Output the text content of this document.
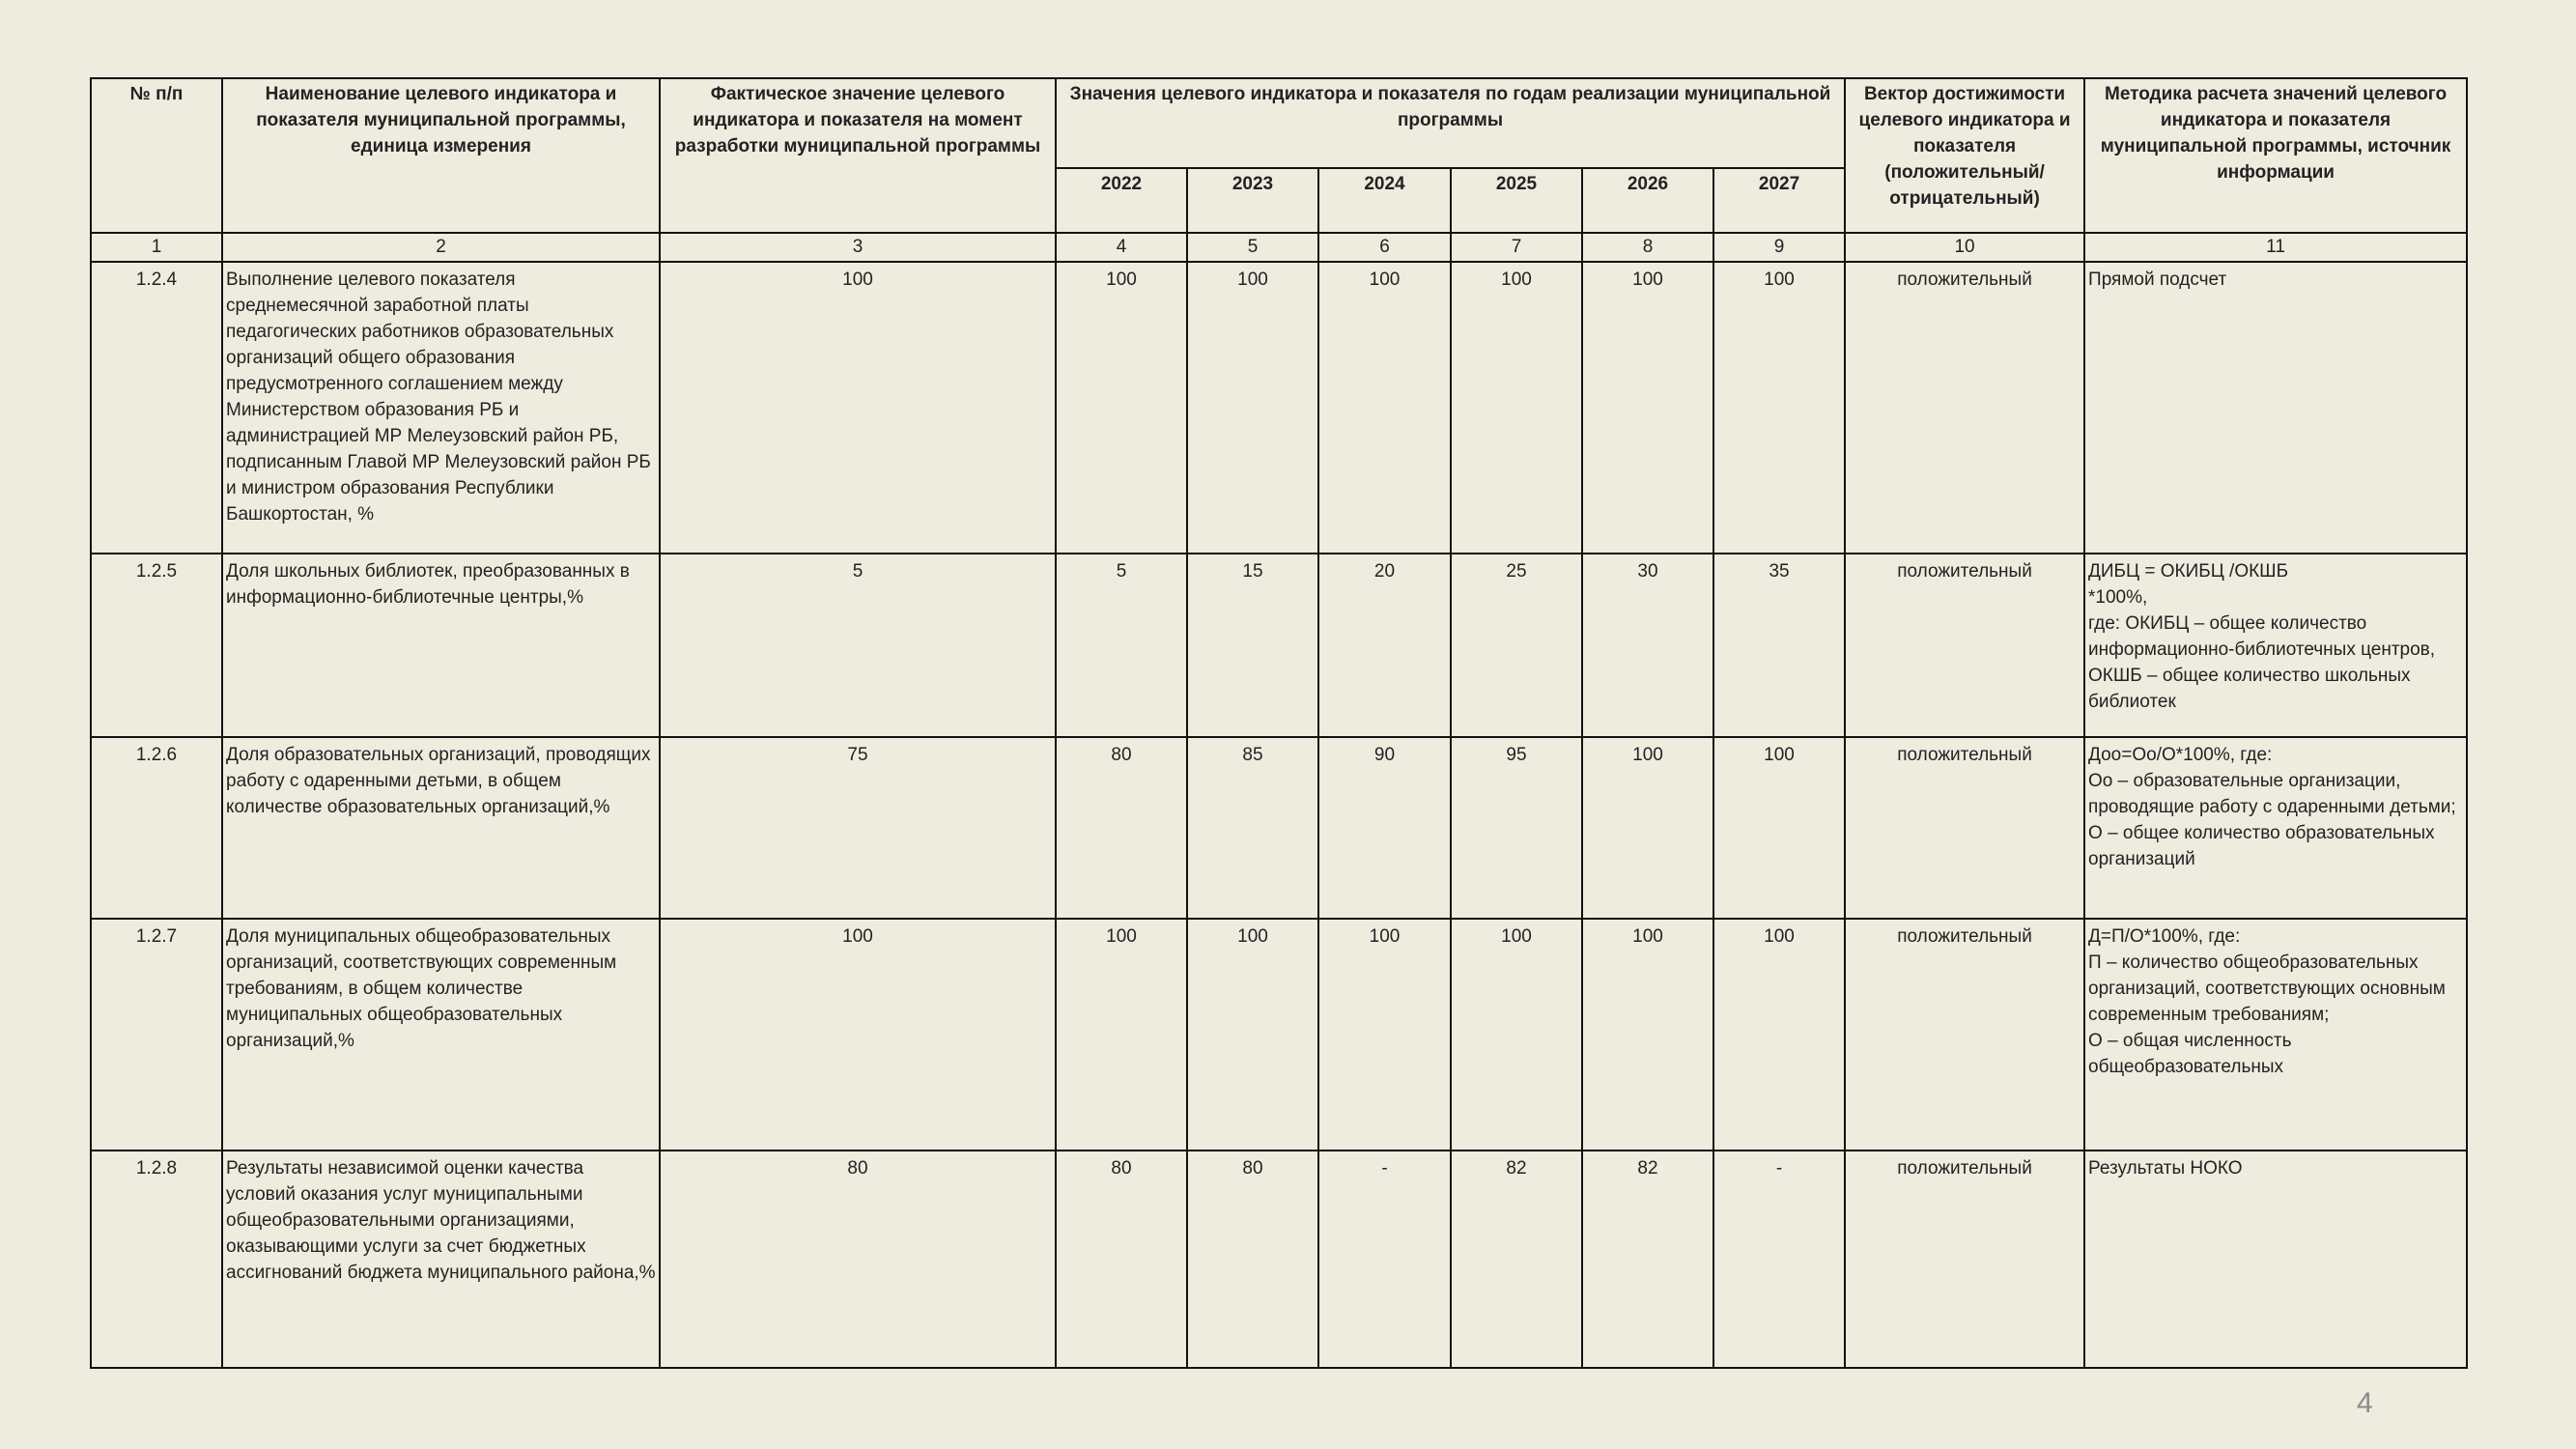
№ п/п	Наименование целевого индикатора и показателя муниципальной программы, единица измерения	Фактическое значение целевого индикатора и показателя на момент разработки муниципальной программы	Значения целевого индикатора и показателя по годам реализации муниципальной программы						Вектор достижимости целевого индикатора и показателя (положительный/отрицательный)	Методика расчета значений целевого индикатора и показателя муниципальной программы, источник информации
			2022	2023	2024	2025	2026	2027		
1	2	3	4	5	6	7	8	9	10	11
1.2.4	Выполнение целевого показателя среднемесячной заработной платы педагогических работников образовательных организаций общего образования предусмотренного соглашением между Министерством образования РБ и администрацией МР Мелеузовский район РБ, подписанным Главой МР Мелеузовский район РБ и министром образования Республики Башкортостан, %	100	100	100	100	100	100	100	положительный	Прямой подсчет
1.2.5	Доля школьных библиотек, преобразованных в информационно-библиотечные центры,%	5	5	15	20	25	30	35	положительный	ДИБЦ = ОКИБЦ /ОКШБ
*100%,
где: ОКИБЦ – общее количество информационно-библиотечных центров, ОКШБ – общее количество школьных библиотек
1.2.6	Доля образовательных организаций, проводящих работу с одаренными детьми, в общем количестве образовательных организаций,%	75	80	85	90	95	100	100	положительный	Доо=Оо/О*100%, где:
Оо – образовательные организации, проводящие работу с одаренными детьми;
О – общее количество образовательных организаций
1.2.7	Доля муниципальных общеобразовательных организаций, соответствующих современным требованиям, в общем количестве муниципальных общеобразовательных организаций,%	100	100	100	100	100	100	100	положительный	Д=П/О*100%, где:
П – количество общеобразовательных организаций, соответствующих основным современным требованиям;
О – общая численность общеобразовательных
1.2.8	Результаты независимой оценки качества условий оказания услуг муниципальными общеобразовательными организациями, оказывающими услуги за счет бюджетных ассигнований бюджета муниципального района,%	80	80	80	-	82	82	-	положительный	Результаты НОКО
4
